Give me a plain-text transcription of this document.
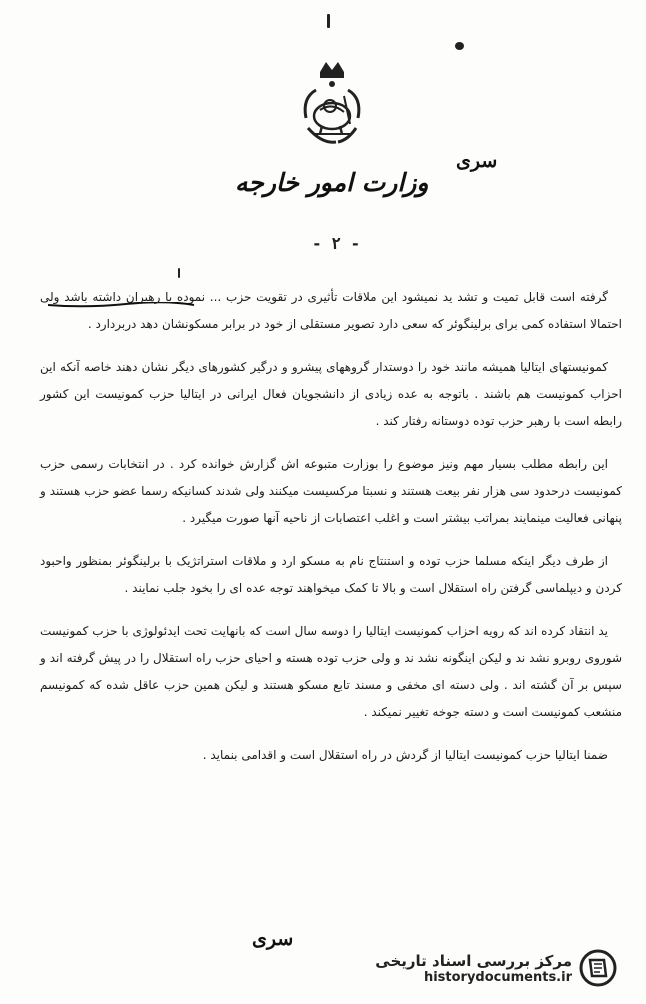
سری
وزارت امور خارجه
- ۲ -

گرفته است قابل تمیت و تشد ید نمیشود این ملاقات تأثیری در تقویت حزب ... نموده یا رهبران داشته باشد ولی احتمالا استفاده کمی برای برلینگوئر که سعی دارد تصویر مستقلی از خود در برابر مسکونشان دهد دربردارد .

کمونیستهای ایتالیا همیشه مانند خود را دوستدار گروههای پیشرو و درگیر کشورهای دیگر نشان دهند خاصه آنکه این احزاب کمونیست هم باشند . باتوجه به عده زیادی از دانشجویان فعال ایرانی در ایتالیا حزب کمونیست این کشور رابطه است با رهبر حزب توده دوستانه رفتار کند .

این رابطه مطلب بسیار مهم ونیز موضوع را بوزارت متبوعه اش گزارش خوانده کرد . در انتخابات رسمی حزب کمونیست درحدود سی هزار نفر بیعت هستند و نسبتا مرکسیست میکنند ولی شدند کسانیکه رسما عضو حزب هستند و پنهانی فعالیت مینمایند بمراتب بیشتر است و اغلب اعتصابات از ناحیه آنها صورت میگیرد .

از طرف دیگر اینکه مسلما حزب توده و استنتاج نام به مسکو ارد و ملاقات استراتژیک با برلینگوئر بمنظور واحبود کردن و دیپلماسی گرفتن راه استقلال است و بالا تا کمک میخواهند توجه عده ای را بخود جلب نمایند .

ید انتقاد کرده اند که رویه احزاب کمونیست ایتالیا را دوسه سال است که بانهایت تحت ایدئولوژی با حزب کمونیست شوروی روبرو نشد ند و لیکن اینگونه نشد ند و ولی حزب توده هسته و احیای حزب راه استقلال را در پیش گرفته اند و سپس بر آن گشته اند . ولی دسته ای مخفی و مسند تابع مسکو هستند و لیکن همین حزب عاقل شده که کمونیسم منشعب کمونیست است و دسته جوخه تغییر نمیکند .

ضمنا ایتالیا حزب کمونیست ایتالیا از گردش در راه استقلال است و اقدامی بنماید .

سری
مرکز بررسی اسناد تاریخی
historydocuments.ir
